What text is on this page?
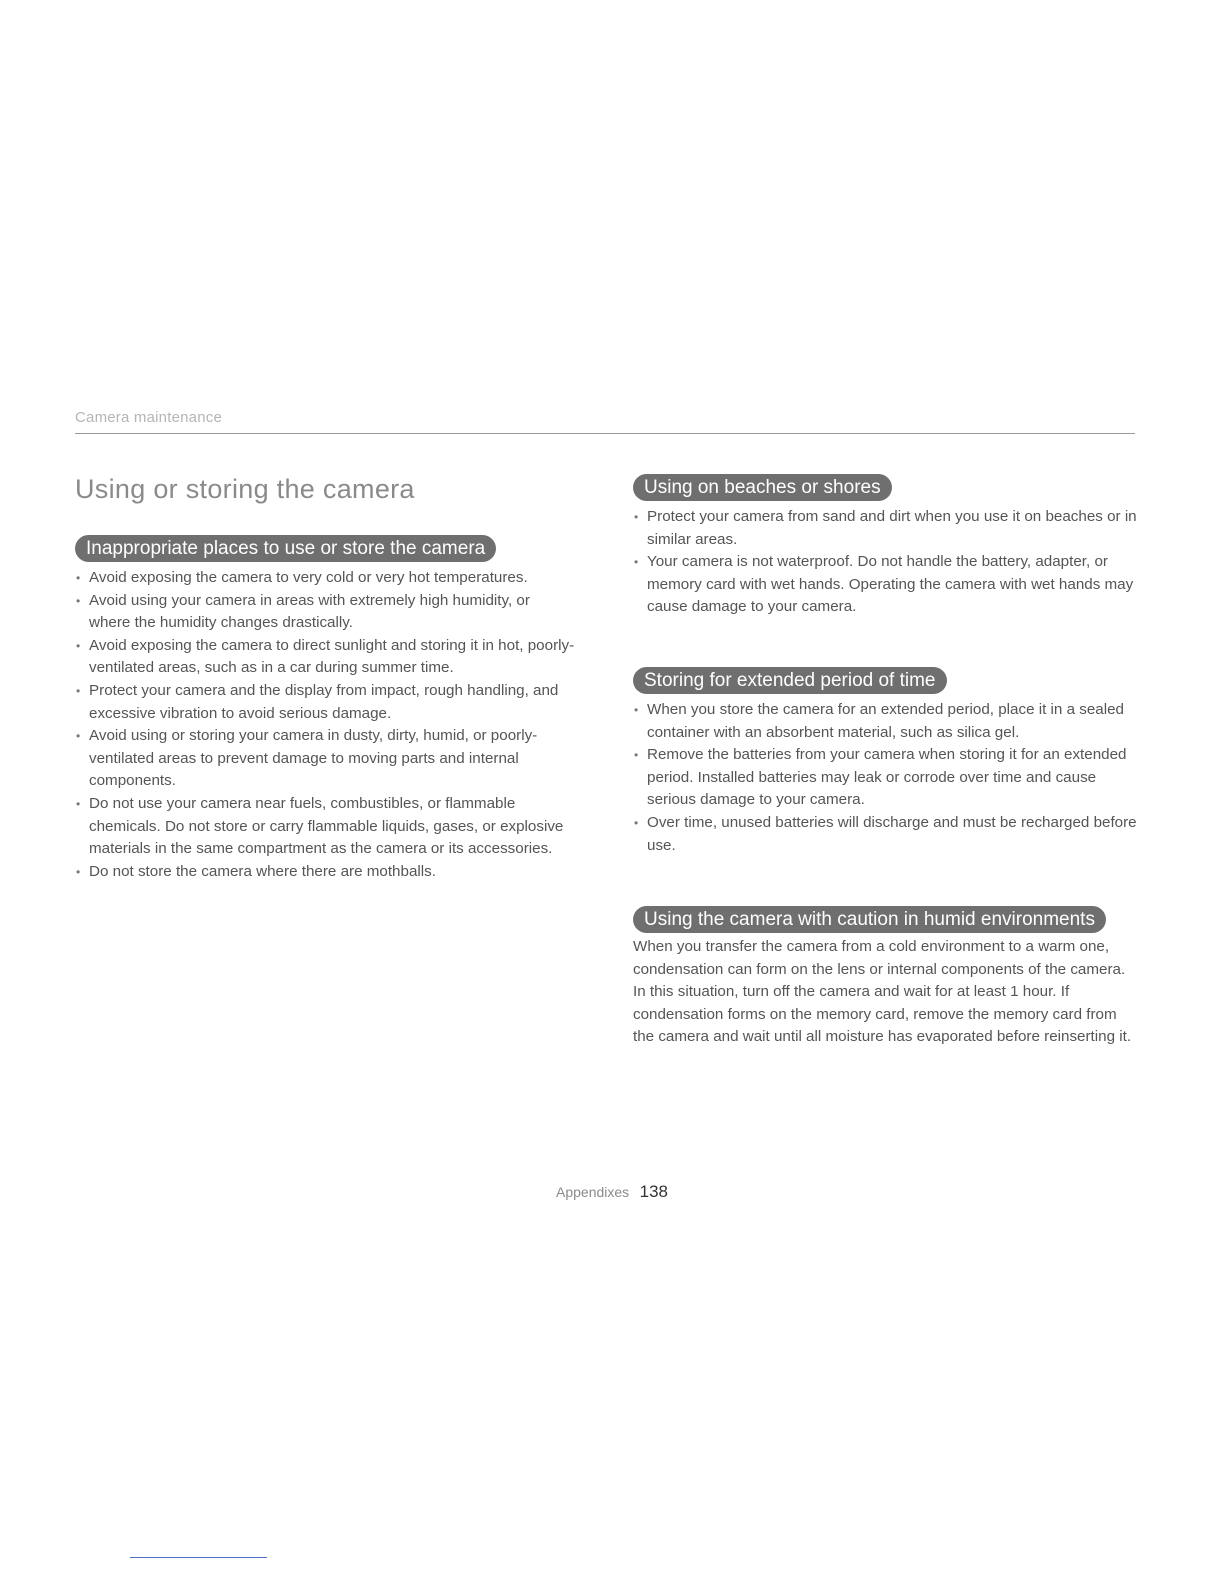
Camera maintenance
Using or storing the camera
Inappropriate places to use or store the camera
• Avoid exposing the camera to very cold or very hot temperatures.
• Avoid using your camera in areas with extremely high humidity, or where the humidity changes drastically.
• Avoid exposing the camera to direct sunlight and storing it in hot, poorly-ventilated areas, such as in a car during summer time.
• Protect your camera and the display from impact, rough handling, and excessive vibration to avoid serious damage.
• Avoid using or storing your camera in dusty, dirty, humid, or poorly-ventilated areas to prevent damage to moving parts and internal components.
• Do not use your camera near fuels, combustibles, or flammable chemicals. Do not store or carry flammable liquids, gases, or explosive materials in the same compartment as the camera or its accessories.
• Do not store the camera where there are mothballs.
Using on beaches or shores
• Protect your camera from sand and dirt when you use it on beaches or in similar areas.
• Your camera is not waterproof. Do not handle the battery, adapter, or memory card with wet hands. Operating the camera with wet hands may cause damage to your camera.
Storing for extended period of time
• When you store the camera for an extended period, place it in a sealed container with an absorbent material, such as silica gel.
• Remove the batteries from your camera when storing it for an extended period. Installed batteries may leak or corrode over time and cause serious damage to your camera.
• Over time, unused batteries will discharge and must be recharged before use.
Using the camera with caution in humid environments

When you transfer the camera from a cold environment to a warm one, condensation can form on the lens or internal components of the camera. In this situation, turn off the camera and wait for at least 1 hour. If condensation forms on the memory card, remove the memory card from the camera and wait until all moisture has evaporated before reinserting it.

Appendixes 138
